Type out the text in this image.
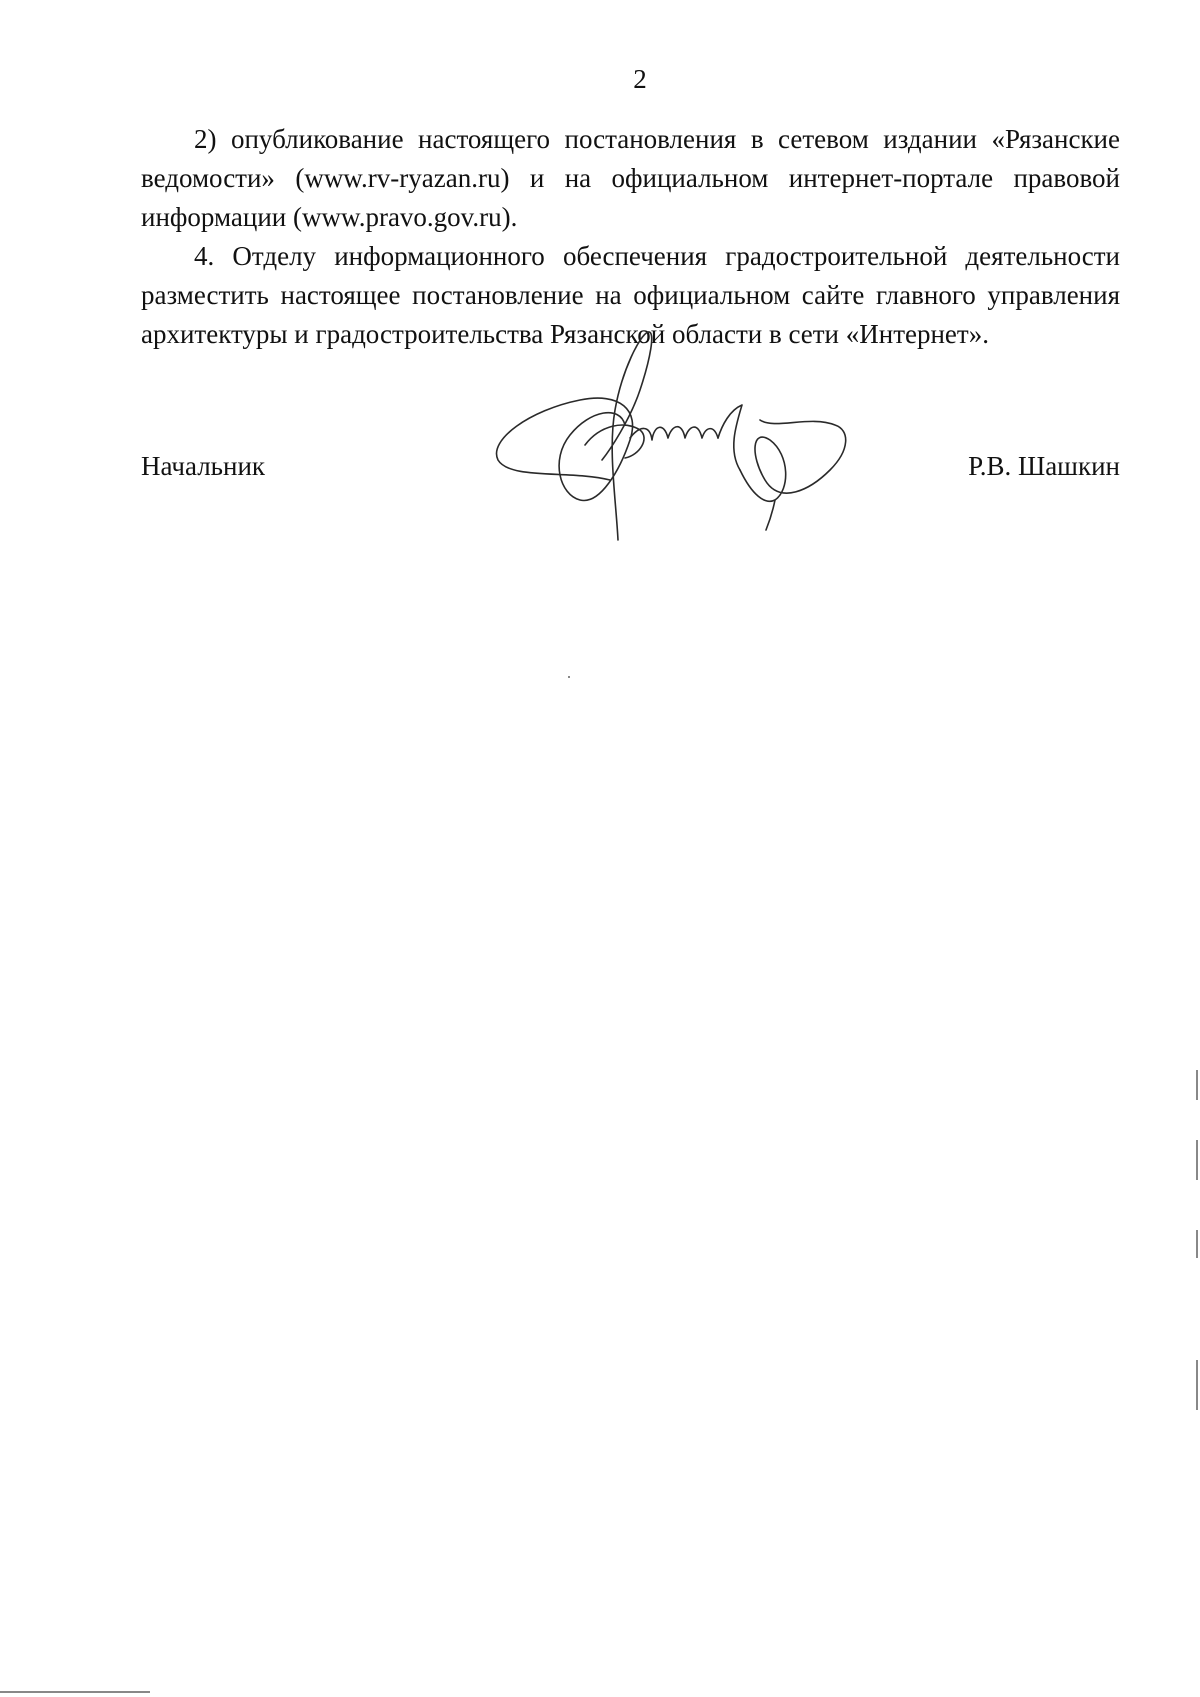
2

2) опубликование настоящего постановления в сетевом издании «Рязанские ведомости» (www.rv-ryazan.ru) и на официальном интернет-портале правовой информации (www.pravo.gov.ru).

4. Отделу информационного обеспечения градостроительной деятельности разместить настоящее постановление на официальном сайте главного управления архитектуры и градостроительства Рязанской области в сети «Интернет».

Начальник	Р.В. Шашкин
